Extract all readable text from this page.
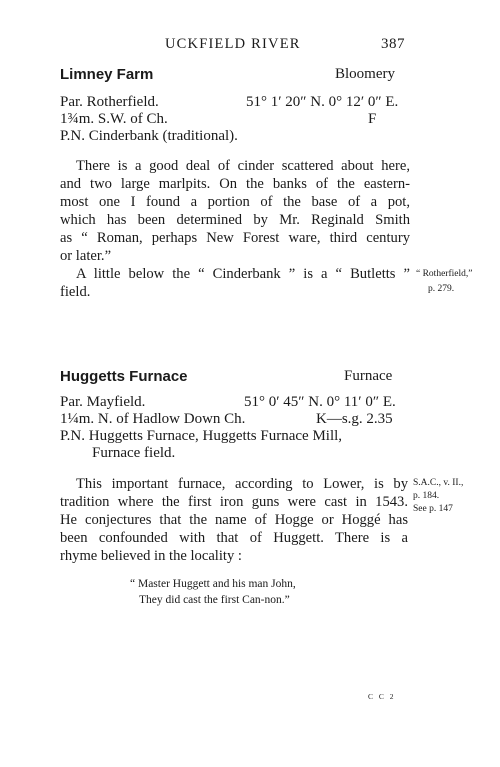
UCKFIELD RIVER	387
Limney Farm	Bloomery
Par. Rotherfield.	51° 1′ 20″ N. 0° 12′ 0″ E.
1¾m. S.W. of Ch.	F
P.N. Cinderbank (traditional).
There is a good deal of cinder scattered about here,
and two large marlpits. On the banks of the eastern-
most one I found a portion of the base of a pot,
which has been determined by Mr. Reginald Smith
as “ Roman, perhaps New Forest ware, third century
or later.”
A little below the “ Cinderbank ” is a “ Butletts ”
field.
“ Rotherfield,”
p. 279.
Huggetts Furnace	Furnace
Par. Mayfield.	51° 0′ 45″ N. 0° 11′ 0″ E.
1¼m. N. of Hadlow Down Ch.	K—s.g. 2.35
P.N. Huggetts Furnace, Huggetts Furnace Mill,
Furnace field.
This important furnace, according to Lower, is by
tradition where the first iron guns were cast in 1543.
He conjectures that the name of Hogge or Hoggé has
been confounded with that of Huggett. There is a
rhyme believed in the locality :
S.A.C., v. II.,
p. 184.
See p. 147
“ Master Huggett and his man John,
They did cast the first Can-non.”
C C 2
